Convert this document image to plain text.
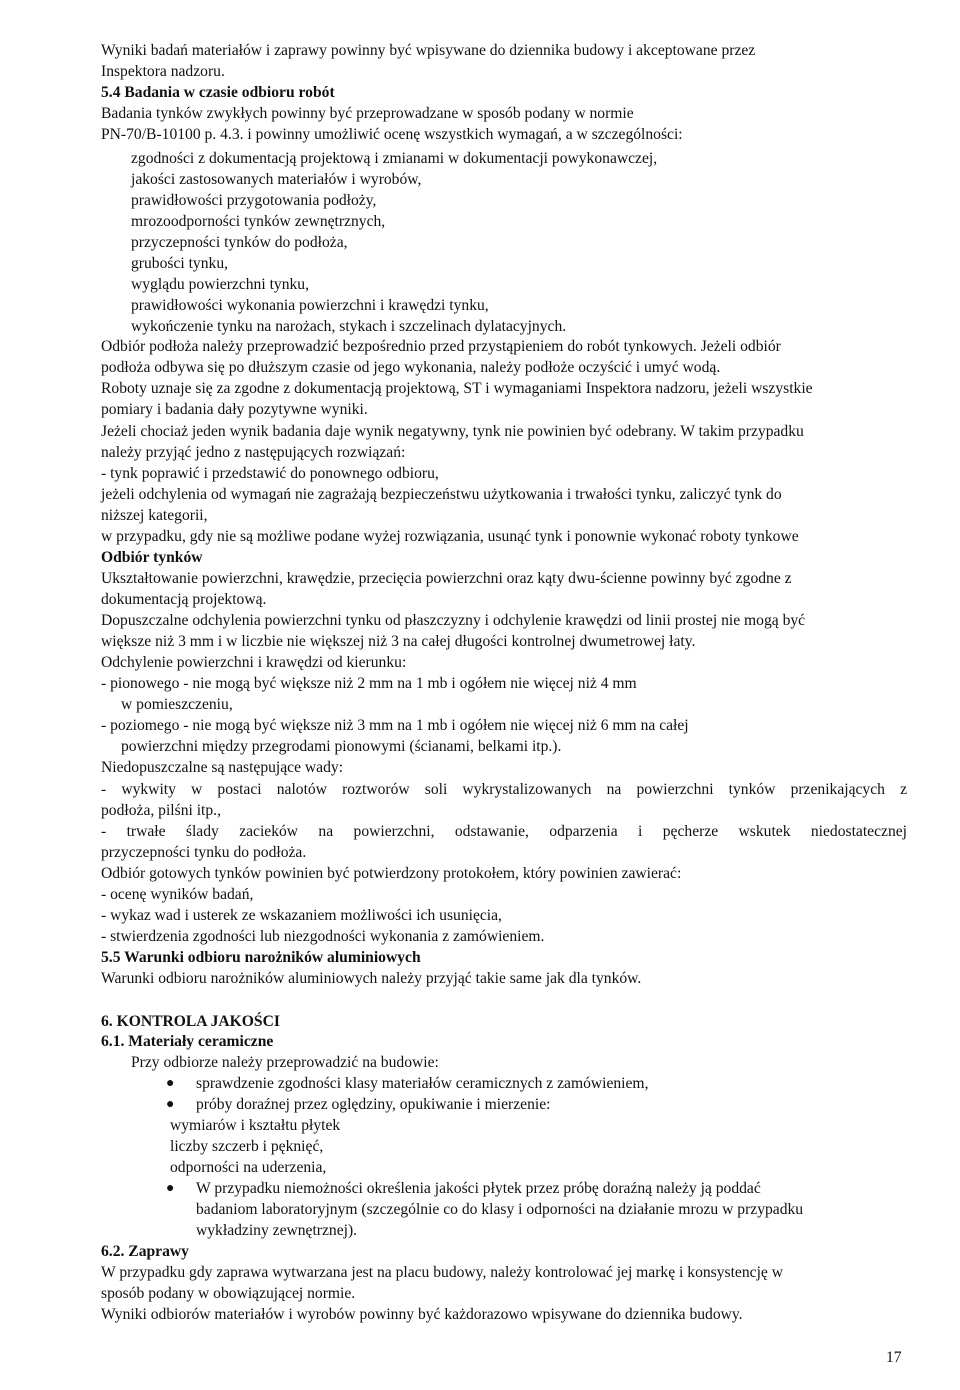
Wyniki badań materiałów i zaprawy powinny być wpisywane do dziennika budowy i akceptowane przez
Inspektora nadzoru.
5.4 Badania w czasie odbioru robót
Badania tynków zwykłych powinny być przeprowadzane w sposób podany w normie
PN-70/B-10100 p. 4.3. i powinny umożliwić ocenę wszystkich wymagań, a w szczególności:
zgodności z dokumentacją projektową i zmianami w dokumentacji powykonawczej,
jakości zastosowanych materiałów i wyrobów,
prawidłowości przygotowania podłoży,
mrozoodporności tynków zewnętrznych,
przyczepności tynków do podłoża,
grubości tynku,
wyglądu powierzchni tynku,
prawidłowości wykonania powierzchni i krawędzi tynku,
wykończenie tynku na narożach, stykach i szczelinach dylatacyjnych.
Odbiór podłoża należy przeprowadzić bezpośrednio przed przystąpieniem do robót tynkowych. Jeżeli odbiór
podłoża odbywa się po dłuższym czasie od jego wykonania, należy podłoże oczyścić i umyć wodą.
Roboty uznaje się za zgodne z dokumentacją projektową, ST i wymaganiami Inspektora nadzoru, jeżeli wszystkie
pomiary i badania dały pozytywne wyniki.
Jeżeli chociaż jeden wynik badania daje wynik negatywny, tynk nie powinien być odebrany. W takim przypadku
należy przyjąć jedno z następujących rozwiązań:
- tynk poprawić i przedstawić do ponownego odbioru,
jeżeli odchylenia od wymagań nie zagrażają bezpieczeństwu użytkowania i trwałości tynku, zaliczyć tynk do
niższej kategorii,
w przypadku, gdy nie są możliwe podane wyżej rozwiązania, usunąć tynk i ponownie wykonać roboty tynkowe
Odbiór tynków
Ukształtowanie powierzchni, krawędzie, przecięcia powierzchni oraz kąty dwu-ścienne powinny być zgodne z
dokumentacją projektową.
Dopuszczalne odchylenia powierzchni tynku od płaszczyzny i odchylenie krawędzi od linii prostej nie mogą być
większe niż 3 mm i w liczbie nie większej niż 3 na całej długości kontrolnej dwumetrowej łaty.
Odchylenie powierzchni i krawędzi od kierunku:
- pionowego - nie mogą być większe niż 2 mm na 1 mb i ogółem nie więcej niż 4 mm
w pomieszczeniu,
- poziomego - nie mogą być większe niż 3 mm na 1 mb i ogółem nie więcej niż 6 mm na całej
powierzchni między przegrodami pionowymi (ścianami, belkami itp.).
Niedopuszczalne są następujące wady:
- wykwity w postaci nalotów roztworów soli wykrystalizowanych na powierzchni tynków przenikających z
podłoża, pilśni itp.,
- trwałe ślady zacieków na powierzchni, odstawanie, odparzenia i pęcherze wskutek niedostatecznej
przyczepności tynku do podłoża.
Odbiór gotowych tynków powinien być potwierdzony protokołem, który powinien zawierać:
- ocenę wyników badań,
- wykaz wad i usterek ze wskazaniem możliwości ich usunięcia,
- stwierdzenia zgodności lub niezgodności wykonania z zamówieniem.
5.5 Warunki odbioru narożników aluminiowych
Warunki odbioru narożników aluminiowych należy przyjąć takie same jak dla tynków.
6. KONTROLA JAKOŚCI
6.1. Materiały ceramiczne
Przy odbiorze należy przeprowadzić na budowie:
● sprawdzenie zgodności klasy materiałów ceramicznych z zamówieniem,
● próby doraźnej przez oględziny, opukiwanie i mierzenie:
wymiarów i kształtu płytek
liczby szczerb i pęknięć,
odporności na uderzenia,
● W przypadku niemożności określenia jakości płytek przez próbę doraźną należy ją poddać
badaniom laboratoryjnym (szczególnie co do klasy i odporności na działanie mrozu w przypadku
wykładziny zewnętrznej).
6.2. Zaprawy
W przypadku gdy zaprawa wytwarzana jest na placu budowy, należy kontrolować jej markę i konsystencję w
sposób podany w obowiązującej normie.
Wyniki odbiorów materiałów i wyrobów powinny być każdorazowo wpisywane do dziennika budowy.
17
